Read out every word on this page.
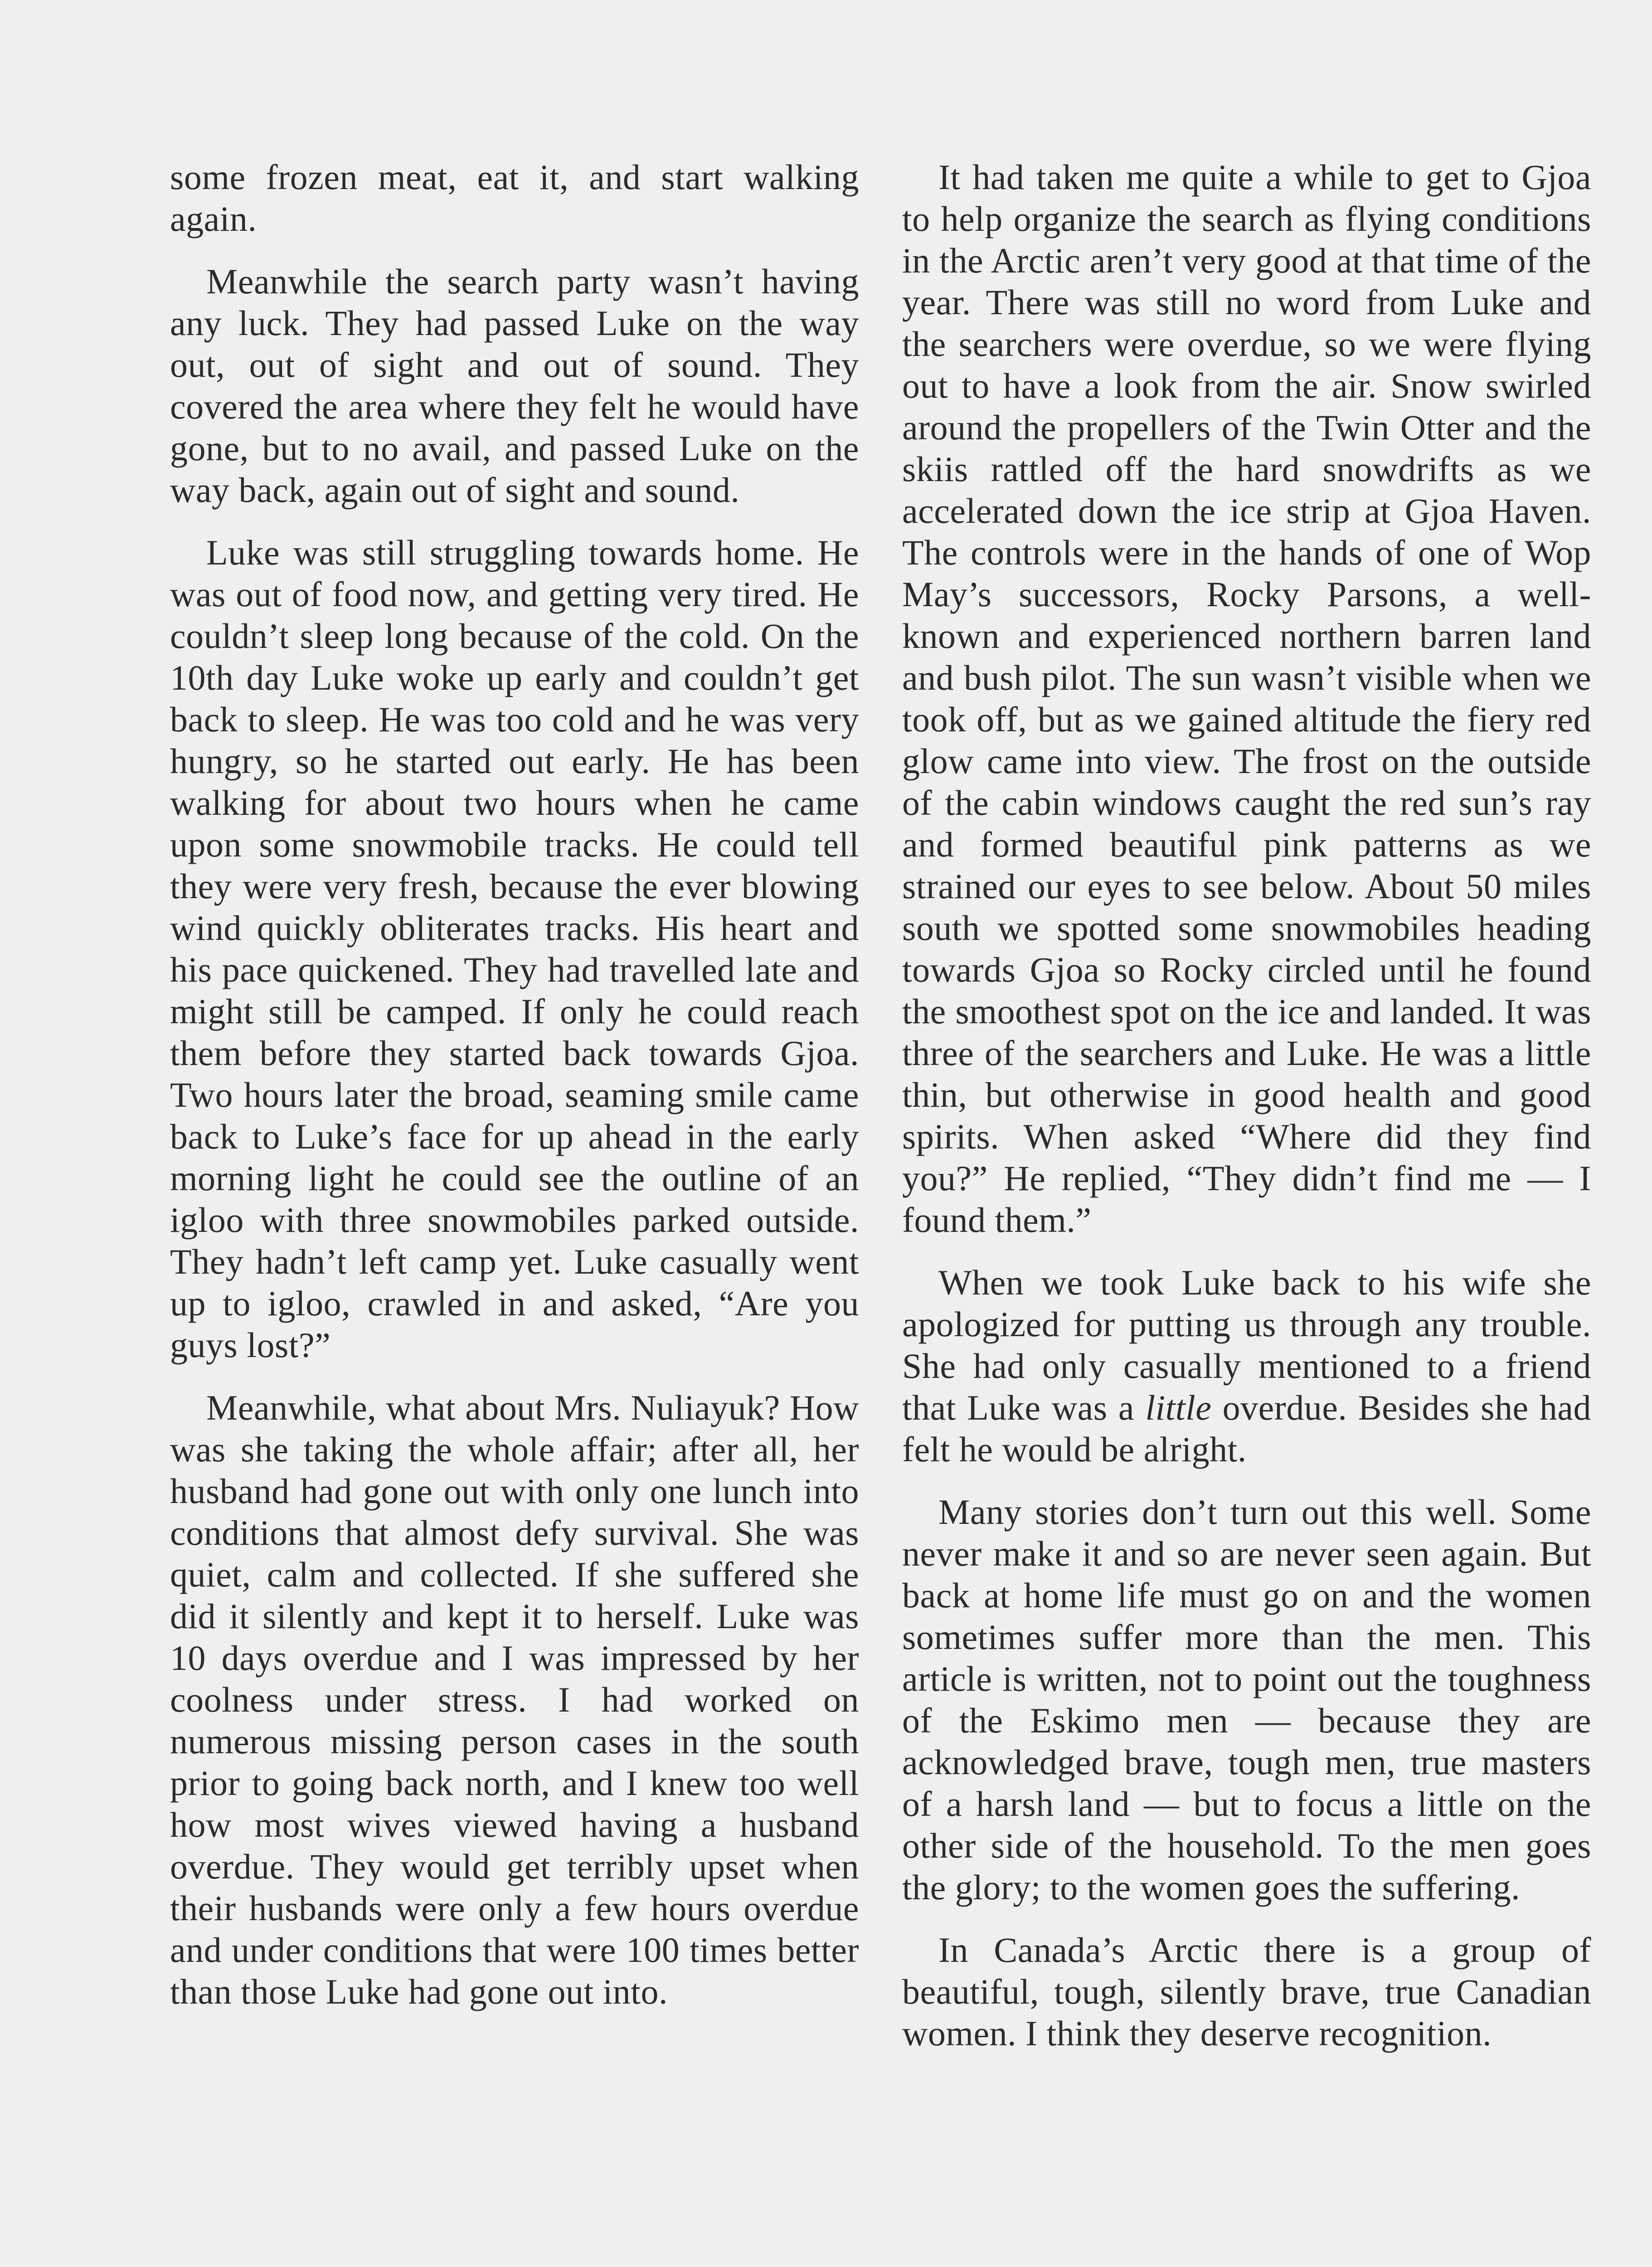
some frozen meat, eat it, and start walking again.

Meanwhile the search party wasn’t having any luck. They had passed Luke on the way out, out of sight and out of sound. They covered the area where they felt he would have gone, but to no avail, and passed Luke on the way back, again out of sight and sound.

Luke was still struggling towards home. He was out of food now, and getting very tired. He couldn’t sleep long because of the cold. On the 10th day Luke woke up early and couldn’t get back to sleep. He was too cold and he was very hungry, so he started out early. He has been walking for about two hours when he came upon some snowmobile tracks. He could tell they were very fresh, because the ever blowing wind quickly obliterates tracks. His heart and his pace quickened. They had travelled late and might still be camped. If only he could reach them before they started back towards Gjoa. Two hours later the broad, seaming smile came back to Luke’s face for up ahead in the early morning light he could see the outline of an igloo with three snowmobiles parked outside. They hadn’t left camp yet. Luke casually went up to igloo, crawled in and asked, “Are you guys lost?”

Meanwhile, what about Mrs. Nuliayuk? How was she taking the whole affair; after all, her husband had gone out with only one lunch into conditions that almost defy survival. She was quiet, calm and collected. If she suffered she did it silently and kept it to herself. Luke was 10 days overdue and I was impressed by her coolness under stress. I had worked on numerous missing person cases in the south prior to going back north, and I knew too well how most wives viewed having a husband overdue. They would get terribly upset when their husbands were only a few hours overdue and under conditions that were 100 times better than those Luke had gone out into.

It had taken me quite a while to get to Gjoa to help organize the search as flying conditions in the Arctic aren’t very good at that time of the year. There was still no word from Luke and the searchers were overdue, so we were flying out to have a look from the air. Snow swirled around the propellers of the Twin Otter and the skiis rattled off the hard snowdrifts as we accelerated down the ice strip at Gjoa Haven. The controls were in the hands of one of Wop May’s successors, Rocky Parsons, a well-known and experienced northern barren land and bush pilot. The sun wasn’t visible when we took off, but as we gained altitude the fiery red glow came into view. The frost on the outside of the cabin windows caught the red sun’s ray and formed beautiful pink patterns as we strained our eyes to see below. About 50 miles south we spotted some snowmobiles heading towards Gjoa so Rocky circled until he found the smoothest spot on the ice and landed. It was three of the searchers and Luke. He was a little thin, but otherwise in good health and good spirits. When asked “Where did they find you?” He replied, “They didn’t find me — I found them.”

When we took Luke back to his wife she apologized for putting us through any trouble. She had only casually mentioned to a friend that Luke was a little overdue. Besides she had felt he would be alright.

Many stories don’t turn out this well. Some never make it and so are never seen again. But back at home life must go on and the women sometimes suffer more than the men. This article is written, not to point out the toughness of the Eskimo men — because they are acknowledged brave, tough men, true masters of a harsh land — but to focus a little on the other side of the household. To the men goes the glory; to the women goes the suffering.

In Canada’s Arctic there is a group of beautiful, tough, silently brave, true Canadian women. I think they deserve recognition.
